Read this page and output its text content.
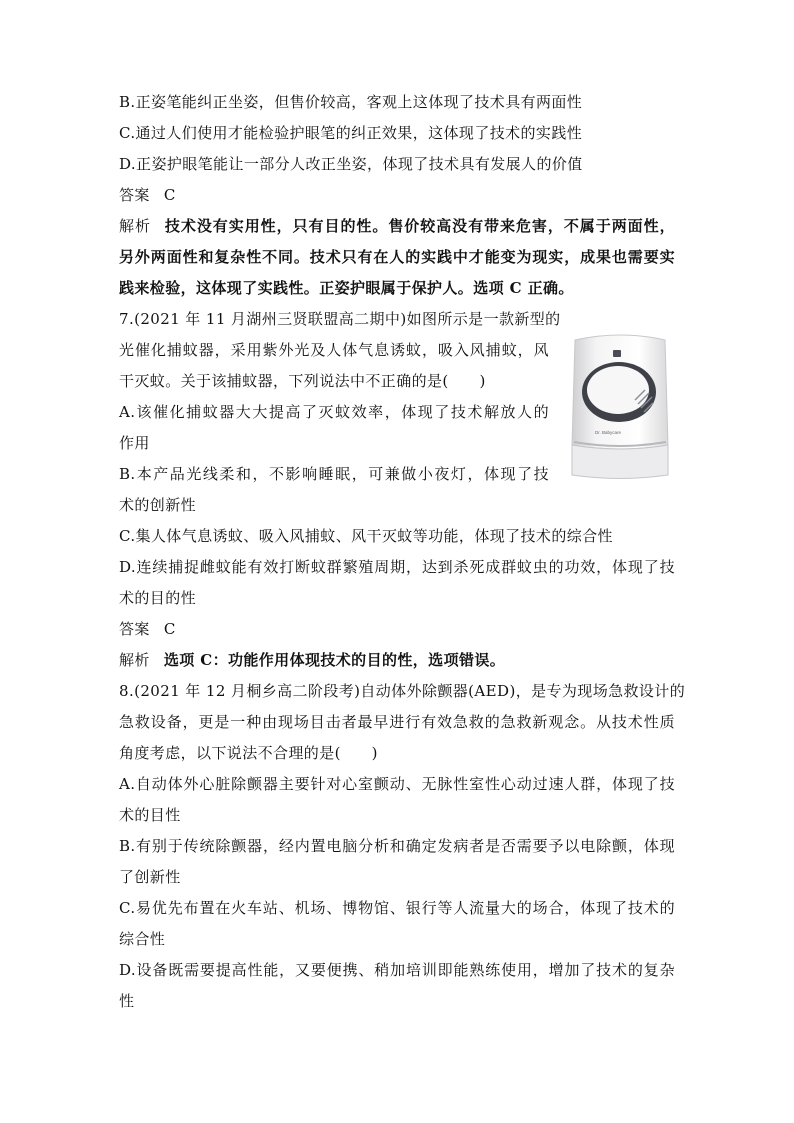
B.正姿笔能纠正坐姿，但售价较高，客观上这体现了技术具有两面性
C.通过人们使用才能检验护眼笔的纠正效果，这体现了技术的实践性
D.正姿护眼笔能让一部分人改正坐姿，体现了技术具有发展人的价值
答案 C
解析 技术没有实用性，只有目的性。售价较高没有带来危害，不属于两面性，
另外两面性和复杂性不同。技术只有在人的实践中才能变为现实，成果也需要实
践来检验，这体现了实践性。正姿护眼属于保护人。选项 C 正确。
7.(2021 年 11 月湖州三贤联盟高二期中)如图所示是一款新型的
光催化捕蚊器，采用紫外光及人体气息诱蚊，吸入风捕蚊，风
干灭蚊。关于该捕蚊器，下列说法中不正确的是(　　)
A.该催化捕蚊器大大提高了灭蚊效率，体现了技术解放人的
作用
B.本产品光线柔和，不影响睡眠，可兼做小夜灯，体现了技
术的创新性
C.集人体气息诱蚊、吸入风捕蚊、风干灭蚊等功能，体现了技术的综合性
D.连续捕捉雌蚊能有效打断蚊群繁殖周期，达到杀死成群蚊虫的功效，体现了技
术的目的性
答案 C
解析 选项 C：功能作用体现技术的目的性，选项错误。
8.(2021 年 12 月桐乡高二阶段考)自动体外除颤器(AED)，是专为现场急救设计的
急救设备，更是一种由现场目击者最早进行有效急救的急救新观念。从技术性质
角度考虑，以下说法不合理的是(　　)
A.自动体外心脏除颤器主要针对心室颤动、无脉性室性心动过速人群，体现了技
术的目性
B.有别于传统除颤器，经内置电脑分析和确定发病者是否需要予以电除颤，体现
了创新性
C.易优先布置在火车站、机场、博物馆、银行等人流量大的场合，体现了技术的
综合性
D.设备既需要提高性能，又要便携、稍加培训即能熟练使用，增加了技术的复杂
性
Dr. Babycare
